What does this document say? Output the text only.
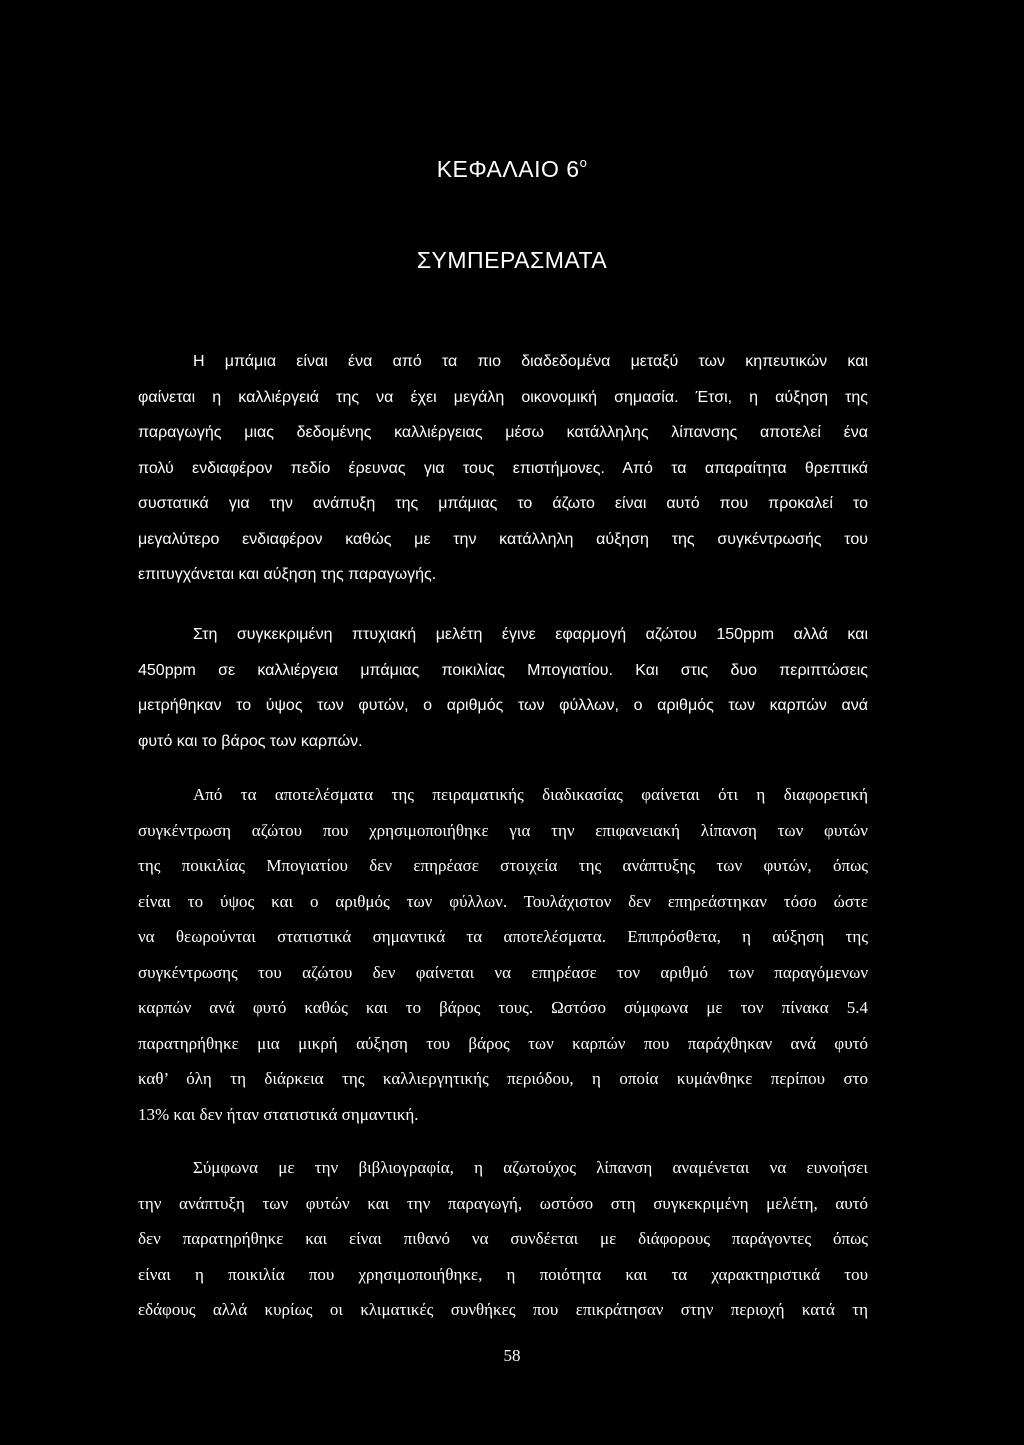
ΚΕΦΑΛΑΙΟ $6^o$
ΣΥΜΠΕΡΑΣΜΑΤΑ
Η μπάμια είναι ένα από τα πιο διαδεδομένα μεταξύ των κηπευτικών και
φαίνεται η καλλιέργειά της να έχει μεγάλη οικονομική σημασία. Έτσι, η αύξηση της
παραγωγής μιας δεδομένης καλλιέργειας μέσω κατάλληλης λίπανσης αποτελεί ένα
πολύ ενδιαφέρον πεδίο έρευνας για τους επιστήμονες. Από τα απαραίτητα θρεπτικά
συστατικά για την ανάπυξη της μπάμιας το άζωτο είναι αυτό που προκαλεί το
μεγαλύτερο ενδιαφέρον καθώς με την κατάλληλη αύξηση της συγκέντρωσής του
επιτυγχάνεται και αύξηση της παραγωγής.
Στη συγκεκριμένη πτυχιακή μελέτη έγινε εφαρμογή αζώτου 150ppm αλλά και
450ppm σε καλλιέργεια μπάμιας ποικιλίας Μπογιατίου. Και στις δυο περιπτώσεις
μετρήθηκαν το ύψος των φυτών, ο αριθμός των φύλλων, ο αριθμός των καρπών ανά
φυτό και το βάρος των καρπών.
Από τα αποτελέσματα της πειραματικής διαδικασίας φαίνεται ότι η διαφορετική
συγκέντρωση αζώτου που χρησιμοποιήθηκε για την επιφανειακή λίπανση των φυτών
της ποικιλίας Μπογιατίου δεν επηρέασε στοιχεία της ανάπτυξης των φυτών, όπως
είναι το ύψος και ο αριθμός των φύλλων. Τουλάχιστον δεν επηρεάστηκαν τόσο ώστε
να θεωρούνται στατιστικά σημαντικά τα αποτελέσματα. Επιπρόσθετα, η αύξηση της
συγκέντρωσης του αζώτου δεν φαίνεται να επηρέασε τον αριθμό των παραγόμενων
καρπών ανά φυτό καθώς και το βάρος τους. Ωστόσο σύμφωνα με τον πίνακα 5.4
παρατηρήθηκε μια μικρή αύξηση του βάρος των καρπών που παράχθηκαν ανά φυτό
καθ’ όλη τη διάρκεια της καλλιεργητικής περιόδου, η οποία κυμάνθηκε περίπου στο
13% και δεν ήταν στατιστικά σημαντική.
Σύμφωνα με την βιβλιογραφία, η αζωτούχος λίπανση αναμένεται να ευνοήσει
την ανάπτυξη των φυτών και την παραγωγή, ωστόσο στη συγκεκριμένη μελέτη, αυτό
δεν παρατηρήθηκε και είναι πιθανό να συνδέεται με διάφορους παράγοντες όπως
είναι η ποικιλία που χρησιμοποιήθηκε, η ποιότητα και τα χαρακτηριστικά του
εδάφους αλλά κυρίως οι κλιματικές συνθήκες που επικράτησαν στην περιοχή κατά τη

58
